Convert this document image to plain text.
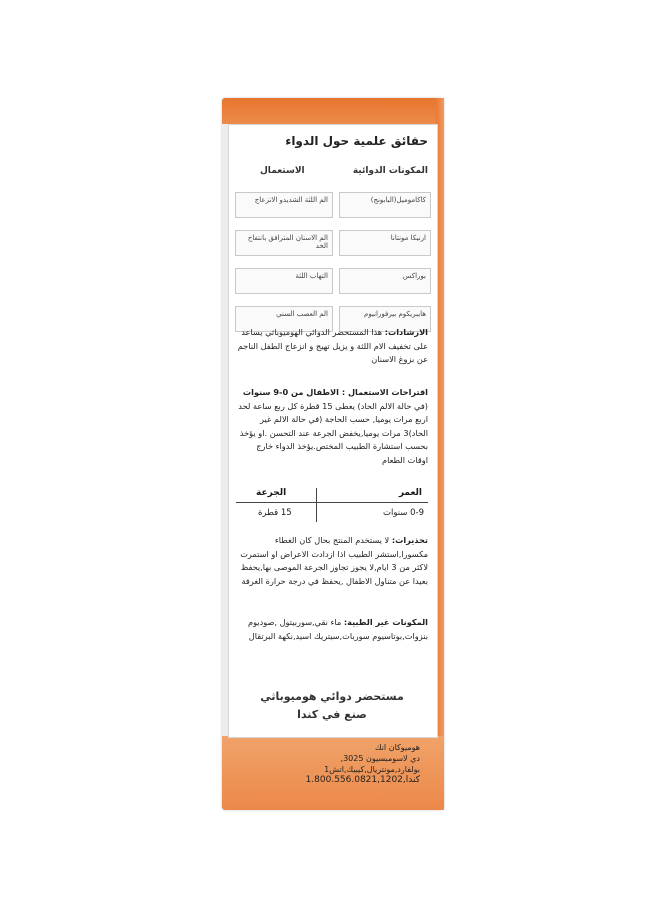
حقائق علمية حول الدواء
المكونات الدوائية
الاستعمال
كاكاموميل(البابونج)
الم اللثة الشديدو الانزعاج
ارنيكا مونتانا
الم الاسنان المترافق بانتفاخ الخد
بوراكس
التهاب اللثة
هايبريكوم بيرفورانيوم
الم العصب السني
الارشادات: هذا المستحضر الدوائي الهوميوباثي يساعد على تخفيف الام اللثة و يزيل تهيج و انزعاج الطفل الناجم عن بزوغ الاسنان
اقتراحات الاستعمال : الاطفال من 0-9 سنوات (في حالة الالم الحاد) يعطى 15 قطرة كل ربع ساعة لحد اربع مرات يوميا, حسب الحاجة (في حالة الالم غير الحاد)3 مرات يوميا,يخفض الجرعة عند التحسن .او يؤخذ بحسب استشارة الطبيب المختص.يؤخذ الدواء خارج اوقات الطعام
العمر
الجرعة
0-9 سنوات
15 قطرة
تحذيرات: لا يستخدم المنتج بحال كان الغطاء مكسورا,استشر الطبيب اذا ازدادت الاعراض او استمرت لاكثر من 3 ايام,لا يجوز تجاوز الجرعة الموصى بها,يحفظ بعيدا عن متناول الاطفال ,يحفظ في درجة حرارة الغرفة
المكونات غير الطبية: ماء نقي,سوربيتول ,صوديوم بنزوات,بوتاسيوم سوربات,سيتريك اسيد,نكهة البرتقال
مستحضر دوائي هوميوباثي
صنع في كندا
هوميوكان انك
دي لاسومبسيون 3025,
بولفارد,مونتريال,كيبيك,اتش1
كندا,1.800.556.0821,1202
